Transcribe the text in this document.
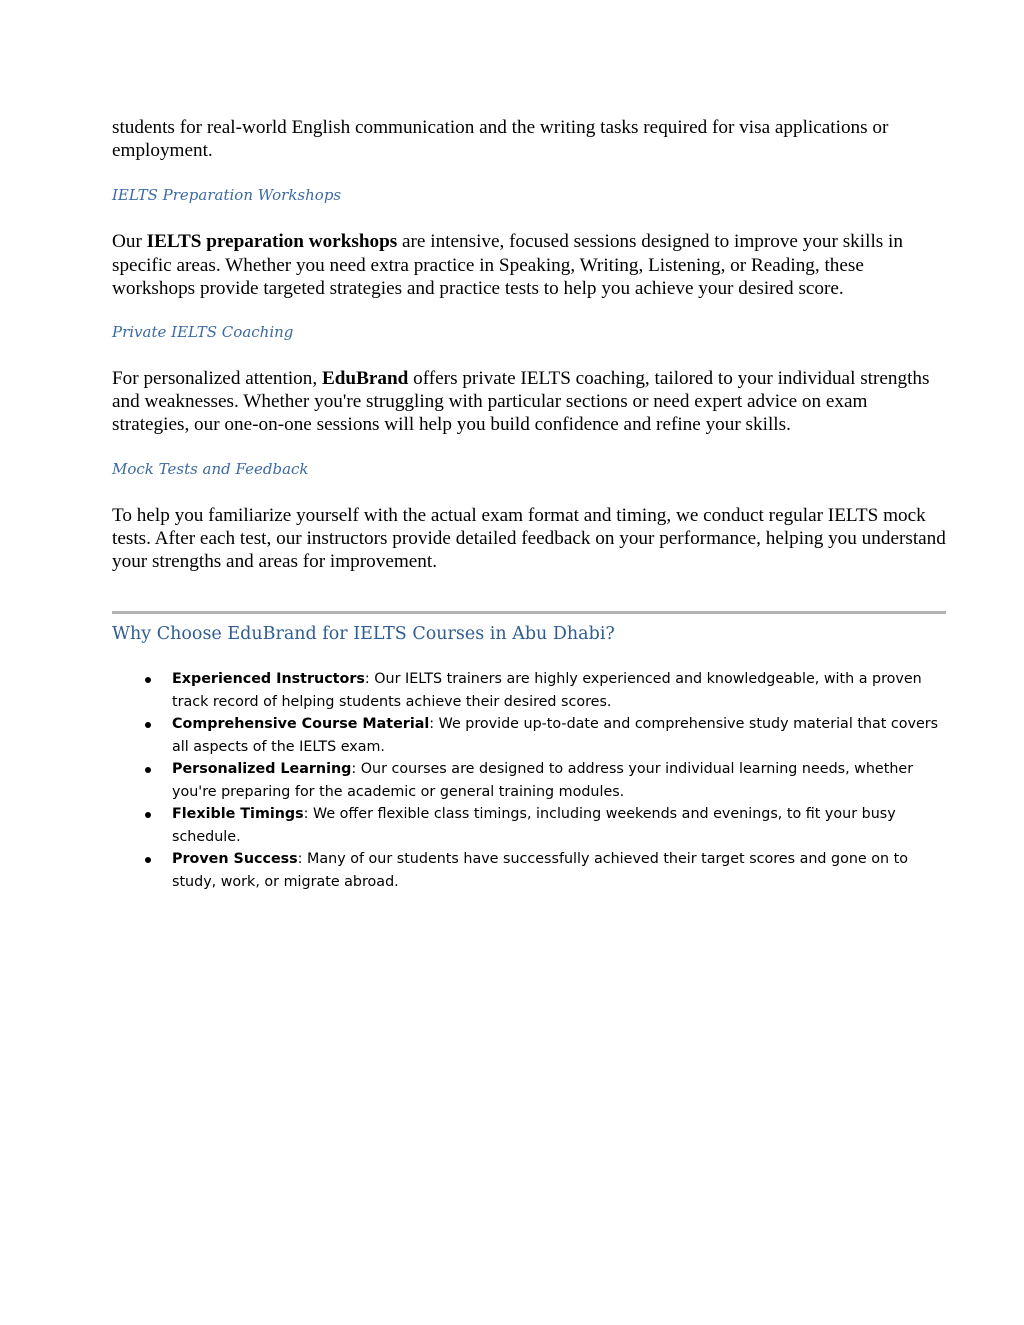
students for real-world English communication and the writing tasks required for visa applications or employment.

IELTS Preparation Workshops

Our IELTS preparation workshops are intensive, focused sessions designed to improve your skills in specific areas. Whether you need extra practice in Speaking, Writing, Listening, or Reading, these workshops provide targeted strategies and practice tests to help you achieve your desired score.

Private IELTS Coaching

For personalized attention, EduBrand offers private IELTS coaching, tailored to your individual strengths and weaknesses. Whether you're struggling with particular sections or need expert advice on exam strategies, our one-on-one sessions will help you build confidence and refine your skills.

Mock Tests and Feedback

To help you familiarize yourself with the actual exam format and timing, we conduct regular IELTS mock tests. After each test, our instructors provide detailed feedback on your performance, helping you understand your strengths and areas for improvement.

Why Choose EduBrand for IELTS Courses in Abu Dhabi?

Experienced Instructors: Our IELTS trainers are highly experienced and knowledgeable, with a proven track record of helping students achieve their desired scores.
Comprehensive Course Material: We provide up-to-date and comprehensive study material that covers all aspects of the IELTS exam.
Personalized Learning: Our courses are designed to address your individual learning needs, whether you're preparing for the academic or general training modules.
Flexible Timings: We offer flexible class timings, including weekends and evenings, to fit your busy schedule.
Proven Success: Many of our students have successfully achieved their target scores and gone on to study, work, or migrate abroad.
